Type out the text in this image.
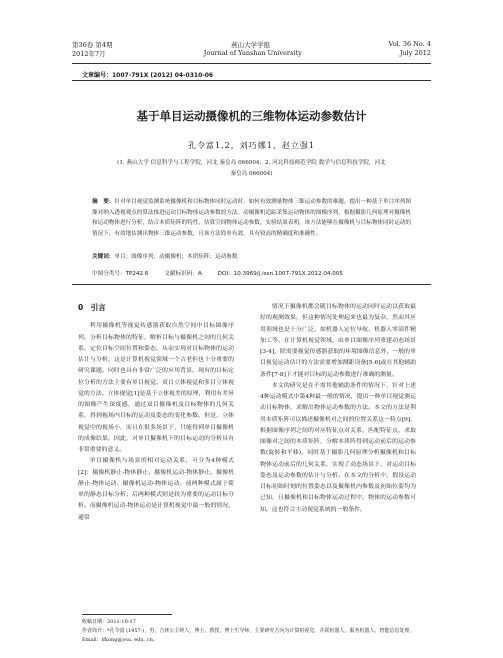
第36卷 第4期	燕山大学学报	Vol. 36 No. 4
2012年7月	Journal of Yanshan University	July 2012
文章编号：1007-791X (2012) 04-0310-06
基于单目运动摄像机的三维物体运动参数估计
孔令富1,2，刘巧娜1，赵立强1
(1. 燕山大学 信息科学与工程学院，河北 秦皇岛 066004；2. 河北科技师范学院 数学与信息科技学院，河北
秦皇岛 066004)
摘　要：针对单目视觉监测系统摄像机和目标物体同时运动时，如何有效测量物体三维运动参数的难题，提出一种基于单目序列图像对纳入透视观点的算法推进运动目标物体运动参数的方法。动摄像机追踪采集运动物体的图像序列，根据摄影几何原理对摄像机和运动物体进行分析，结合本质矩阵的特性，估算空间物体运动参数。实验结果表明，该方法能够在摄像机与目标物体同时运动的情况下，有效地估测出物体三维运动参数，且该方法简单有效，具有较高的精确度和准确性。
关键词：单目；图像序列；动摄像机；本质矩阵；运动参数
中图分类号：TP242.6	文献标识码：A	DOI：10.3969/j.issn.1007-791X.2012.04.005
0　引言

利用摄像机等视觉传感器获取自然空间中目标图像序列，分析目标物体的特征，解析目标与摄像机之间的几何关系，定位目标空间位置和姿态，从而实现对目标物体的运动估计与分析，这是计算机视觉领域一个古老但也十分重要的研究课题。同时也具有非常广泛的应用背景。现有的目标定位分析的方法主要有单目视觉、双目立体视觉和多目立体视觉的方法。立体视觉[1]是基于立体视差的原理，利用有差异的图像产生深度感，通过双目摄像机及目标物体的几何关系，得到视场内目标的运动及姿态的变化参数。但是，立体视觉中的视场小，而且在很多场景下，只能得到单目摄像机的成像结果。因此，对单目摄像机下的目标运动的分析具有非常重要的意义。

单目摄像机与场景的相对运动关系，可分为4种模式[2]：摄像机静止-物体静止、摄像机运动-物体静止、摄像机静止-物体运动、摄像机运动-物体运动。前两种模式属于简单的静态目标分析；后两种模式则是较为重要的运动目标分析。而摄像机运动-物体运动是计算机视觉中最一般的情况，通常

情况下摄像机都会随目标物体的运动同时运动以获取最好的观测效果，但这种情况处理起来也最为复杂，然而其应用领域也是十分广泛，如机器人定位导航、机器人零部件精加工等。在计算机视觉领域，由单目图像序列重建动态场景[3-4]，除需要视觉传感器获取的环境图像信息外，一般的单目视觉运动估计的方法需要增加测距设备[5-6]或在其他辅助条件[7-8]下才能对目标的运动参数进行准确的测量。

本文的研究是在不需其他辅助条件的情况下，针对上述4种运动模式中第4种最一般的情况，提出一种单目视觉测运动目标物体，求解出物体运动参数的方法。本文的方法是利用本质矩阵可以描述摄像机对之间的位置关系这一特点[9]，根据图像序列之间的对应特征点对关系，匹配特征点，求取图像对之间的本质矩阵，分解本质阵得到运动前后的运动参数(旋转和平移)，同时基于摄影几何原理分析摄像机和目标物体运动前后的几何关系，实现了动态场景下，对运动目标姿态及运动参数的估计与分析。在本文的分析中，假设运动目标初始时刻的位置姿态以及摄像机内参数及初始位姿均为已知，且摄像机和目标物体运动过程中，物体的运动参数可知，这也符合主动视觉系统的一般条件。

收稿日期：2011-10-17
作者简介：*孔令富 (1957-)，男，吉林公主岭人，博士，教授，博士生导师，主要研究方向为计算机视觉、并联机器人，服务机器人、智能信息处理，Email：lfkong@ysu. edu. cn。
